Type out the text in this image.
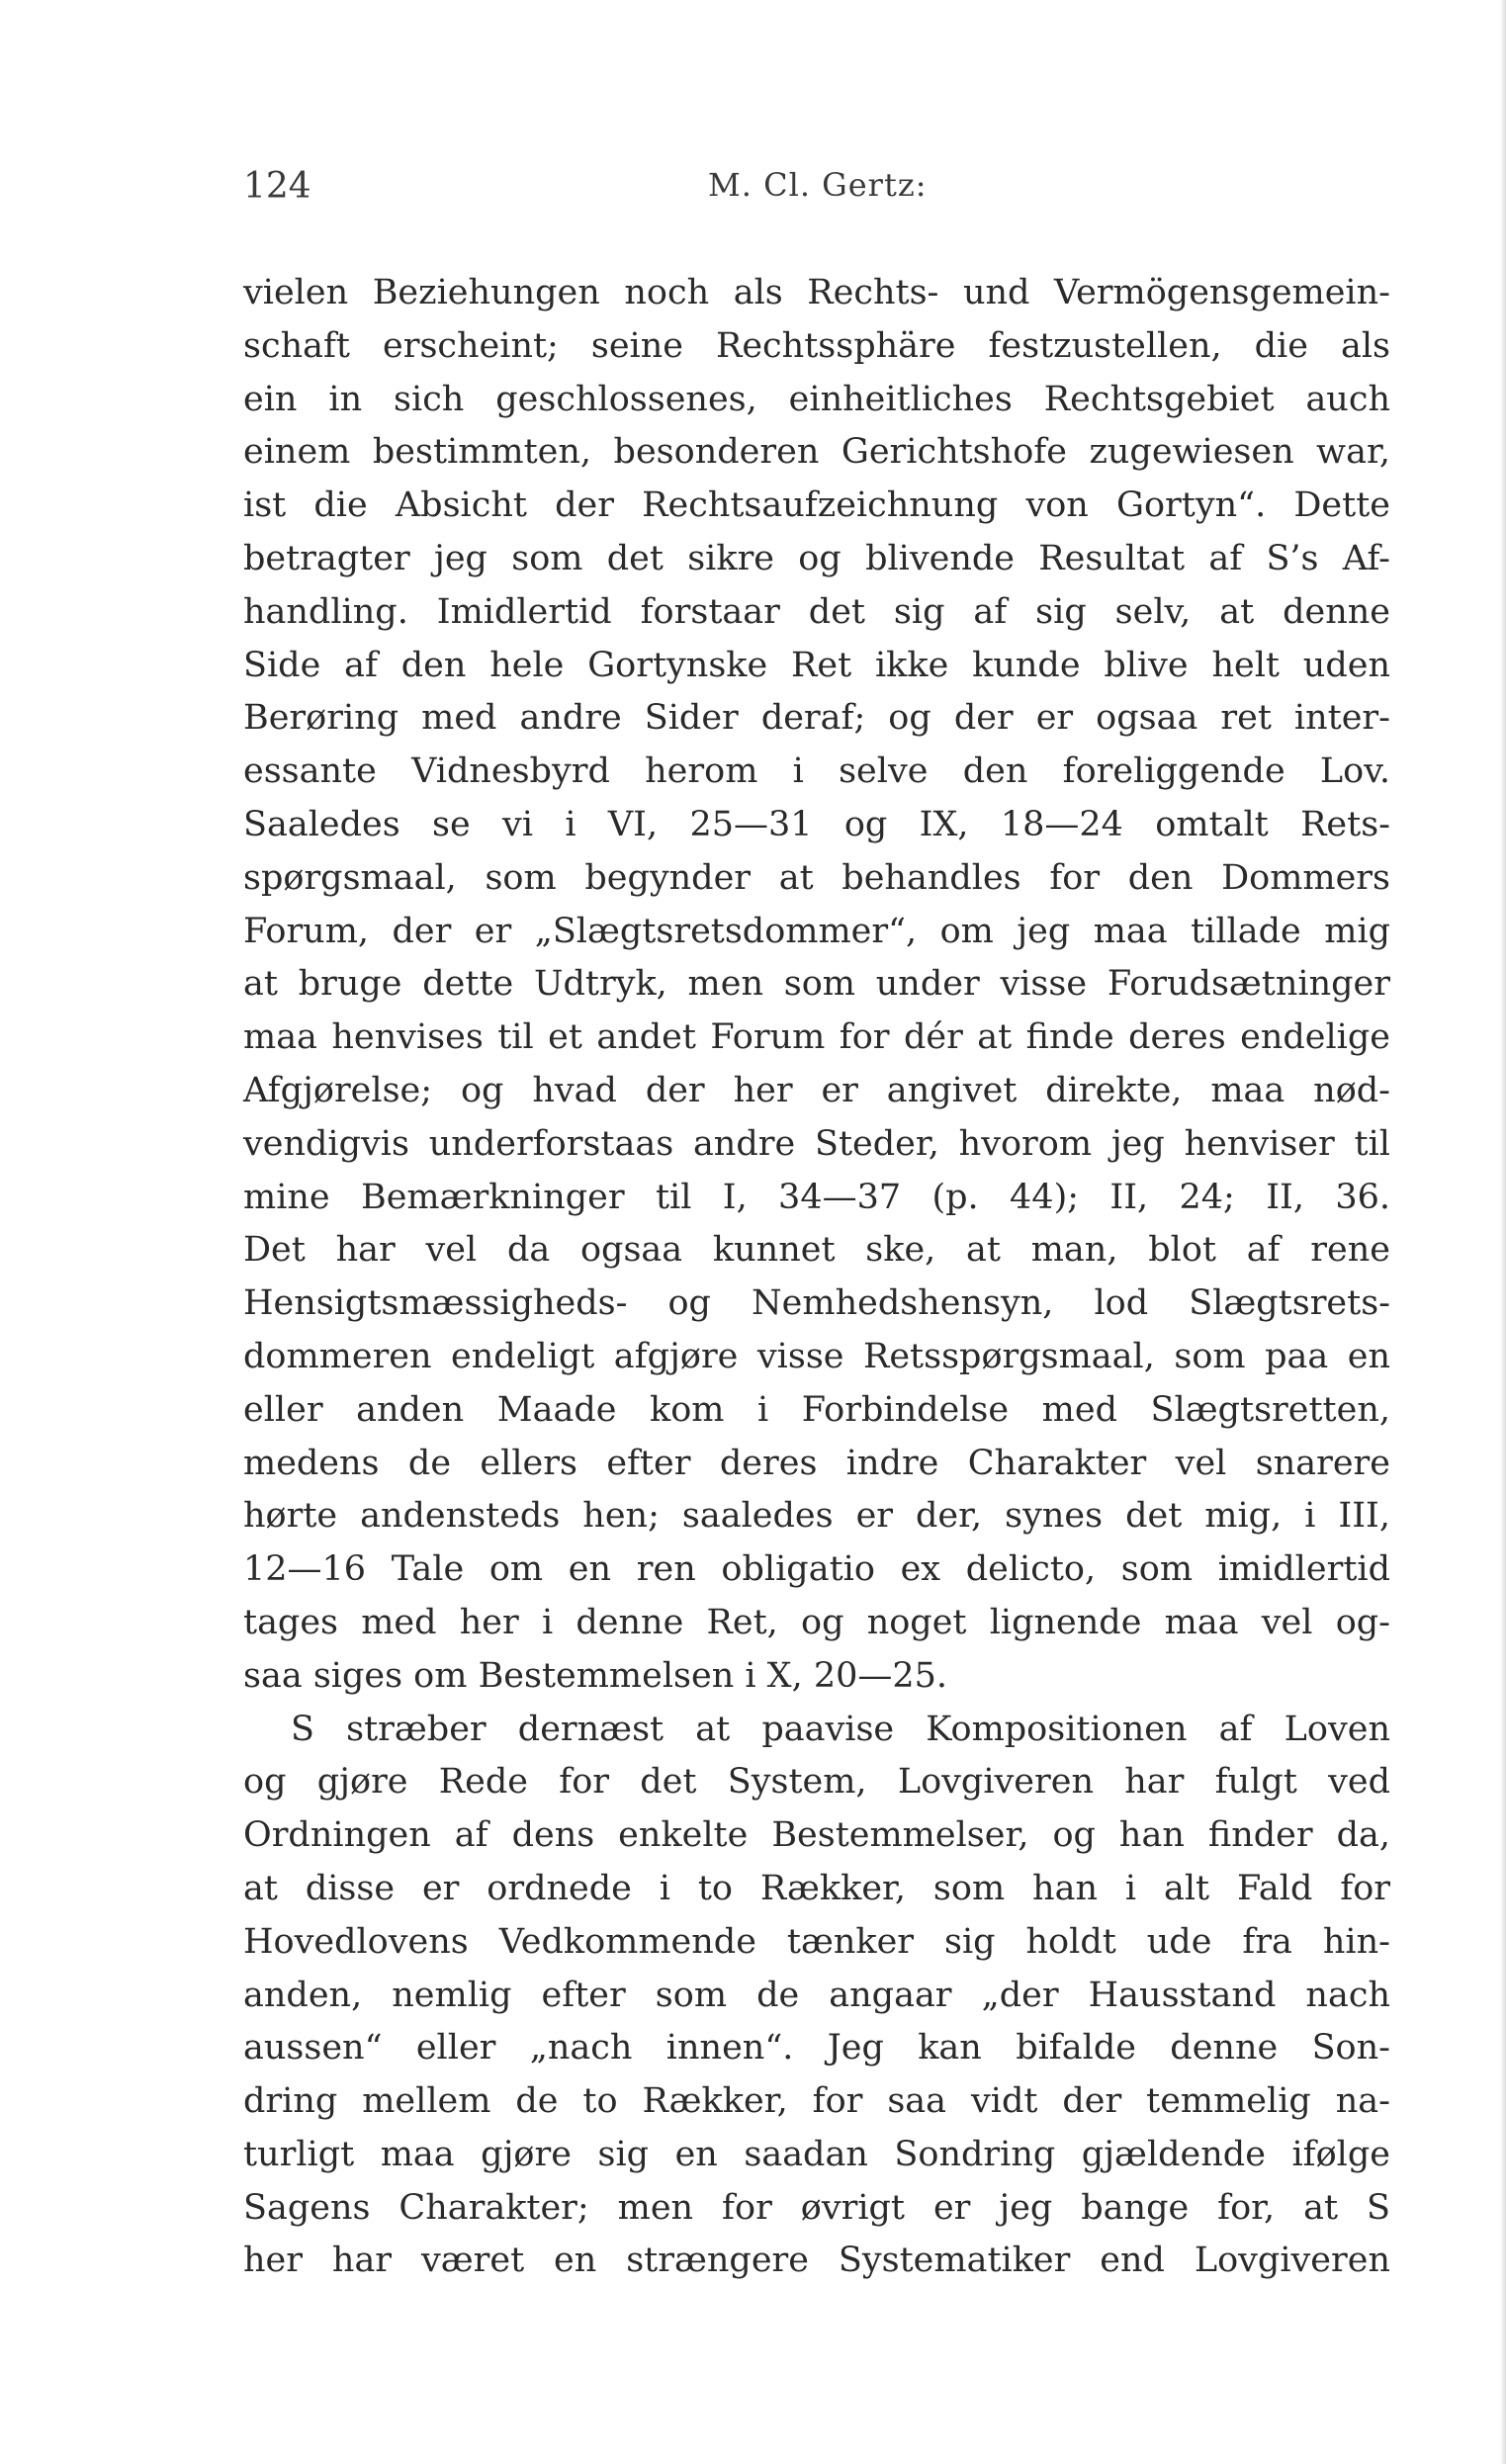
124	M. Cl. Gertz:
vielen Beziehungen noch als Rechts- und Vermögensgemein-
schaft erscheint; seine Rechtssphäre festzustellen, die als
ein in sich geschlossenes, einheitliches Rechtsgebiet auch
einem bestimmten, besonderen Gerichtshofe zugewiesen war,
ist die Absicht der Rechtsaufzeichnung von Gortyn“. Dette
betragter jeg som det sikre og blivende Resultat af S’s Af-
handling. Imidlertid forstaar det sig af sig selv, at denne
Side af den hele Gortynske Ret ikke kunde blive helt uden
Berøring med andre Sider deraf; og der er ogsaa ret inter-
essante Vidnesbyrd herom i selve den foreliggende Lov.
Saaledes se vi i VI, 25—31 og IX, 18—24 omtalt Rets-
spørgsmaal, som begynder at behandles for den Dommers
Forum, der er „Slægtsretsdommer“, om jeg maa tillade mig
at bruge dette Udtryk, men som under visse Forudsætninger
maa henvises til et andet Forum for dér at finde deres endelige
Afgjørelse; og hvad der her er angivet direkte, maa nød-
vendigvis underforstaas andre Steder, hvorom jeg henviser til
mine Bemærkninger til I, 34—37 (p. 44); II, 24; II, 36.
Det har vel da ogsaa kunnet ske, at man, blot af rene
Hensigtsmæssigheds- og Nemhedshensyn, lod Slægtsrets-
dommeren endeligt afgjøre visse Retsspørgsmaal, som paa en
eller anden Maade kom i Forbindelse med Slægtsretten,
medens de ellers efter deres indre Charakter vel snarere
hørte andensteds hen; saaledes er der, synes det mig, i III,
12—16 Tale om en ren obligatio ex delicto, som imidlertid
tages med her i denne Ret, og noget lignende maa vel og-
saa siges om Bestemmelsen i X, 20—25.
S stræber dernæst at paavise Kompositionen af Loven
og gjøre Rede for det System, Lovgiveren har fulgt ved
Ordningen af dens enkelte Bestemmelser, og han finder da,
at disse er ordnede i to Rækker, som han i alt Fald for
Hovedlovens Vedkommende tænker sig holdt ude fra hin-
anden, nemlig efter som de angaar „der Hausstand nach
aussen“ eller „nach innen“. Jeg kan bifalde denne Son-
dring mellem de to Rækker, for saa vidt der temmelig na-
turligt maa gjøre sig en saadan Sondring gjældende ifølge
Sagens Charakter; men for øvrigt er jeg bange for, at S
her har været en strængere Systematiker end Lovgiveren
